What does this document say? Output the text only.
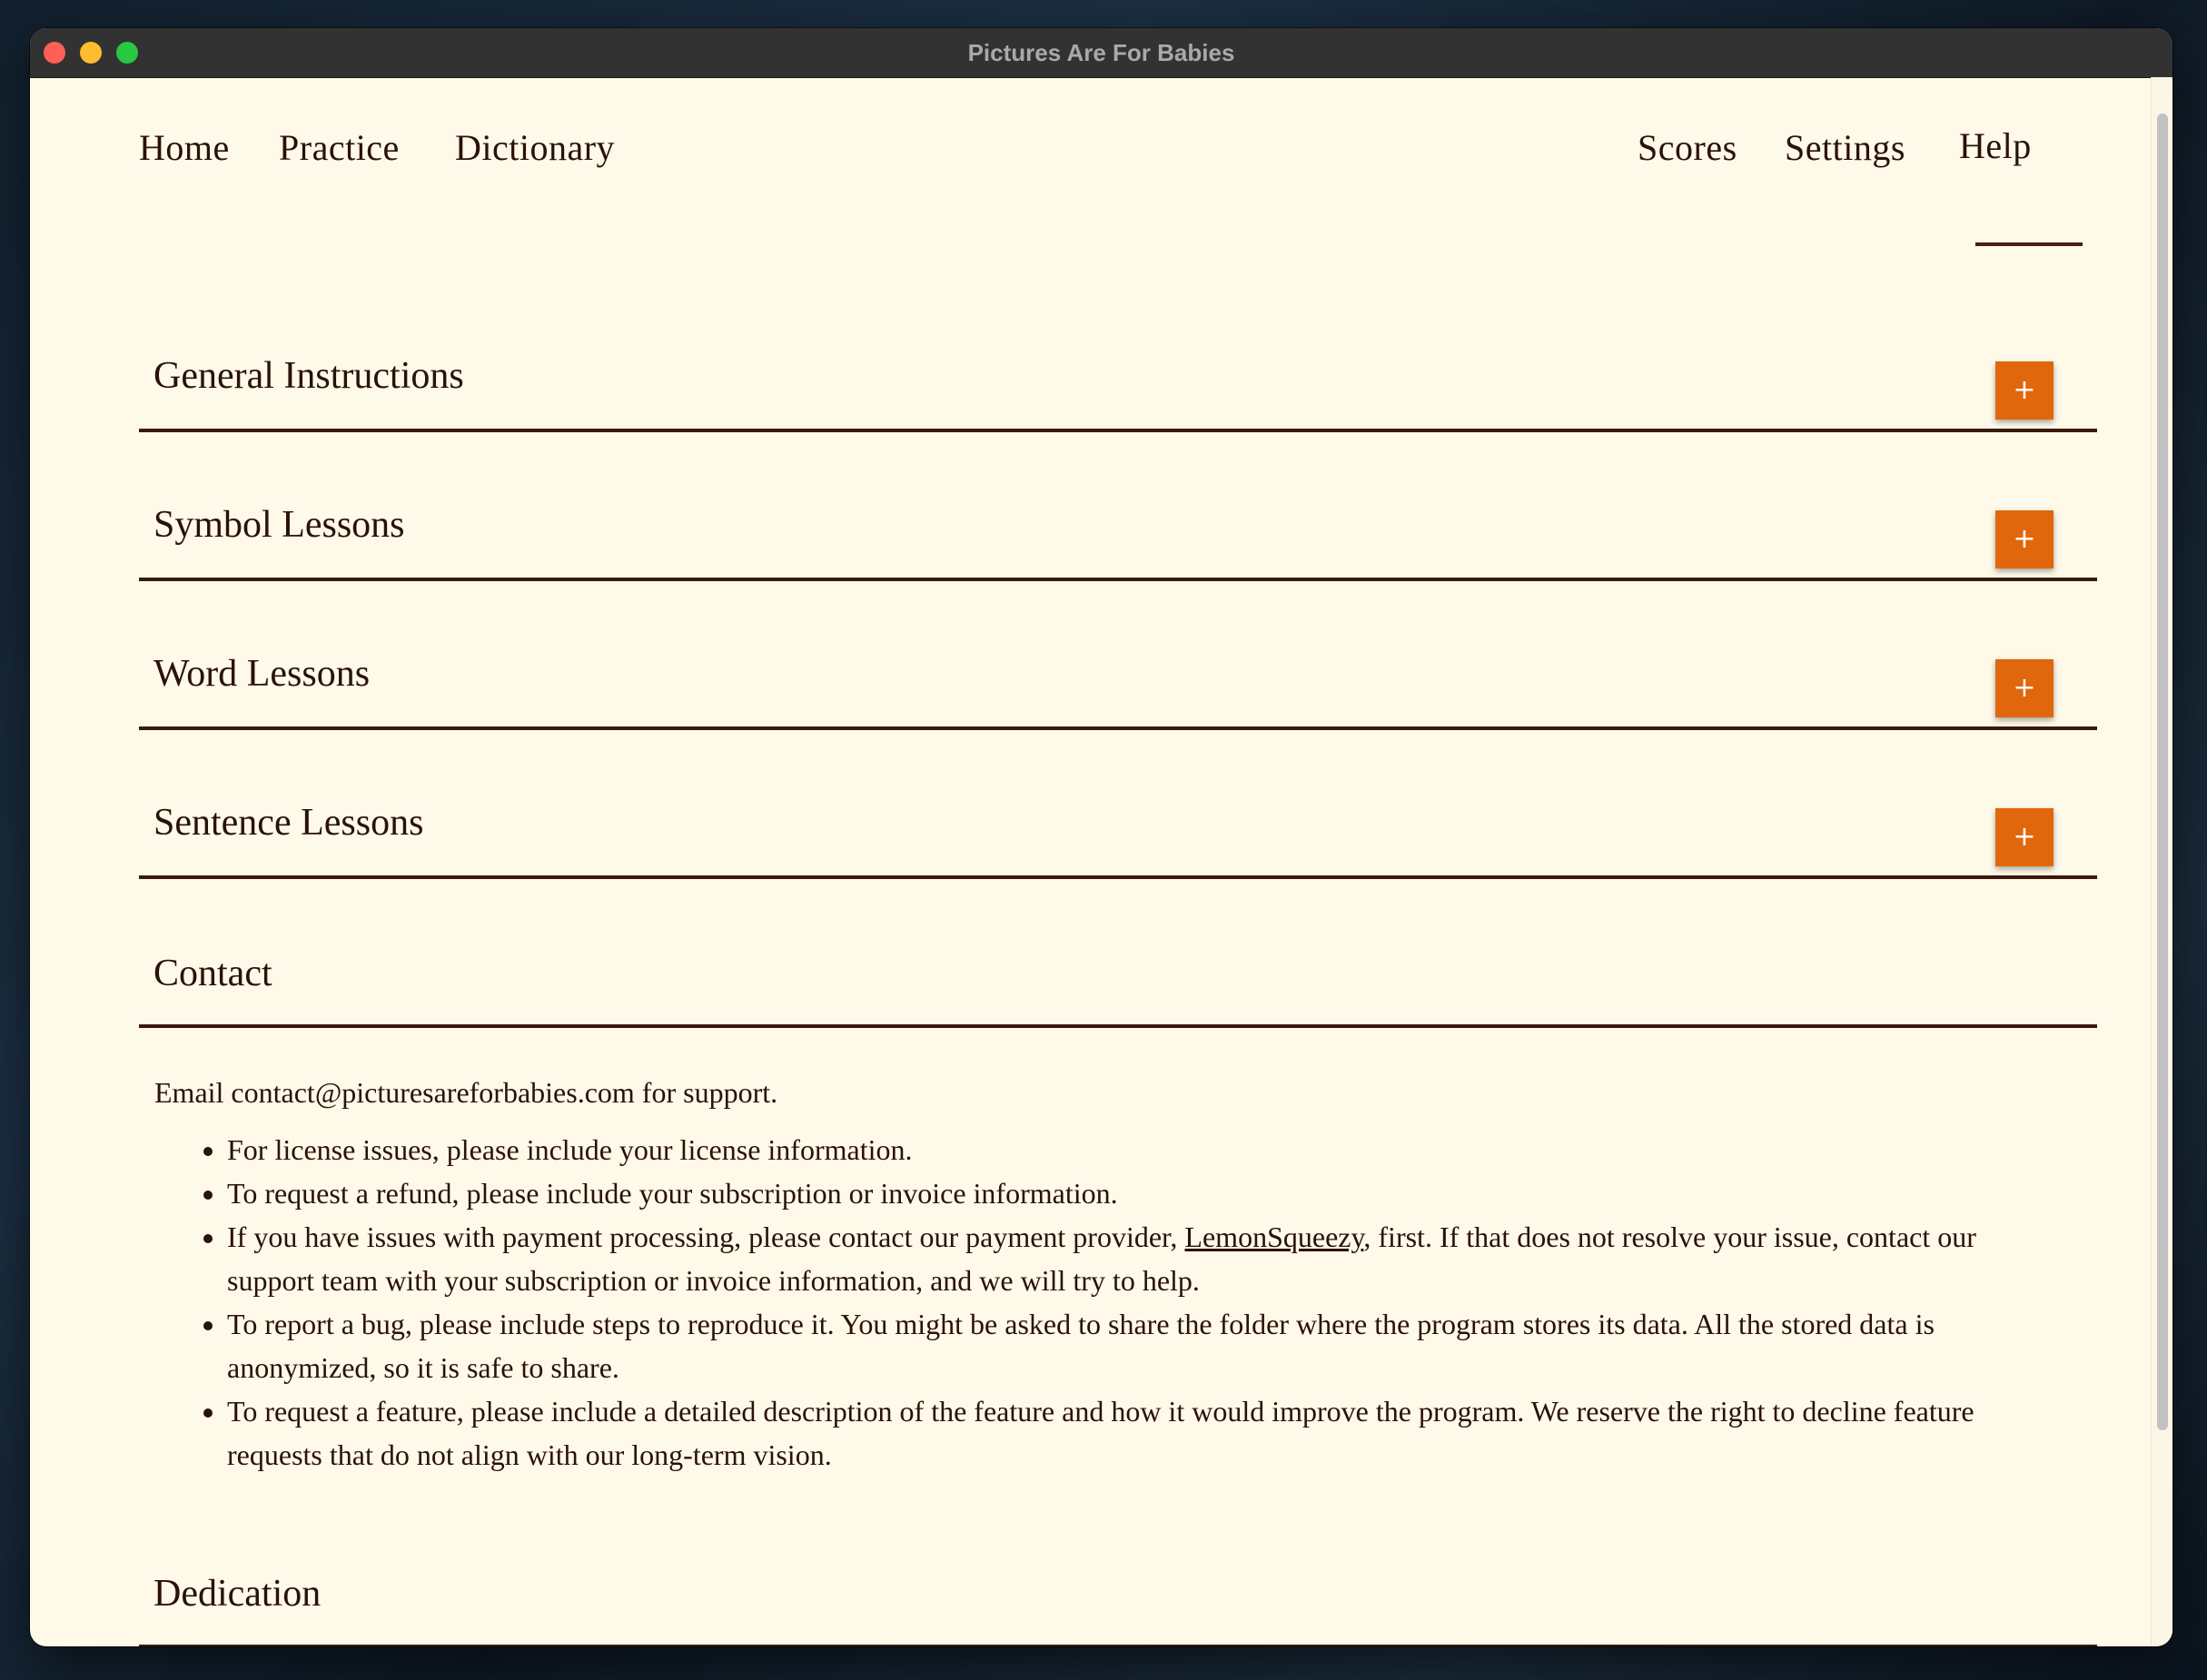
Pictures Are For Babies
Home Practice Dictionary	Scores Settings Help
General Instructions	+
Symbol Lessons	+
Word Lessons	+
Sentence Lessons	+
Contact
Email contact@picturesareforbabies.com for support.
• For license issues, please include your license information.
• To request a refund, please include your subscription or invoice information.
• If you have issues with payment processing, please contact our payment provider, LemonSqueezy, first. If that does not resolve your issue, contact our support team with your subscription or invoice information, and we will try to help.
• To report a bug, please include steps to reproduce it. You might be asked to share the folder where the program stores its data. All the stored data is anonymized, so it is safe to share.
• To request a feature, please include a detailed description of the feature and how it would improve the program. We reserve the right to decline feature requests that do not align with our long-term vision.
Dedication
